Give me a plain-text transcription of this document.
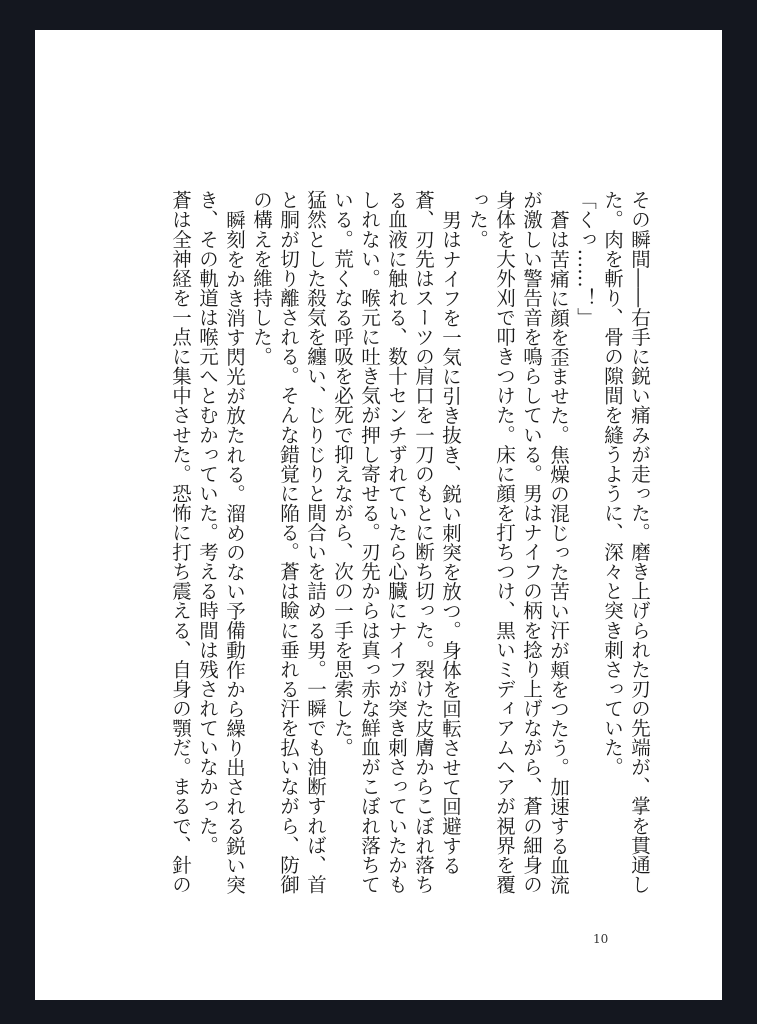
その瞬間――右手に鋭い痛みが走った。磨き上げられた刃の先端が、掌を貫通した。肉を斬り、骨の隙間を縫うように、深々と突き刺さっていた。

「くっ……！」

蒼は苦痛に顔を歪ませた。焦燥の混じった苦い汗が頬をつたう。加速する血流が激しい警告音を鳴らしている。男はナイフの柄を捻り上げながら、蒼の細身の身体を大外刈で叩きつけた。床に顔を打ちつけ、黒いミディアムヘアが視界を覆った。

男はナイフを一気に引き抜き、鋭い刺突を放つ。身体を回転させて回避する蒼、刃先はスーツの肩口を一刀のもとに断ち切った。裂けた皮膚からこぼれ落ちる血液に触れる、数十センチずれていたら心臓にナイフが突き刺さっていたかもしれない。喉元に吐き気が押し寄せる。刃先からは真っ赤な鮮血がこぼれ落ちている。荒くなる呼吸を必死で抑えながら、次の一手を思索した。

猛然とした殺気を纏い、じりじりと間合いを詰める男。一瞬でも油断すれば、首と胴が切り離される。そんな錯覚に陥る。蒼は瞼に垂れる汗を払いながら、防御の構えを維持した。

瞬刻をかき消す閃光が放たれる。溜めのない予備動作から繰り出される鋭い突き、その軌道は喉元へとむかっていた。考える時間は残されていなかった。

蒼は全神経を一点に集中させた。恐怖に打ち震える、自身の顎だ。まるで、針の

10
